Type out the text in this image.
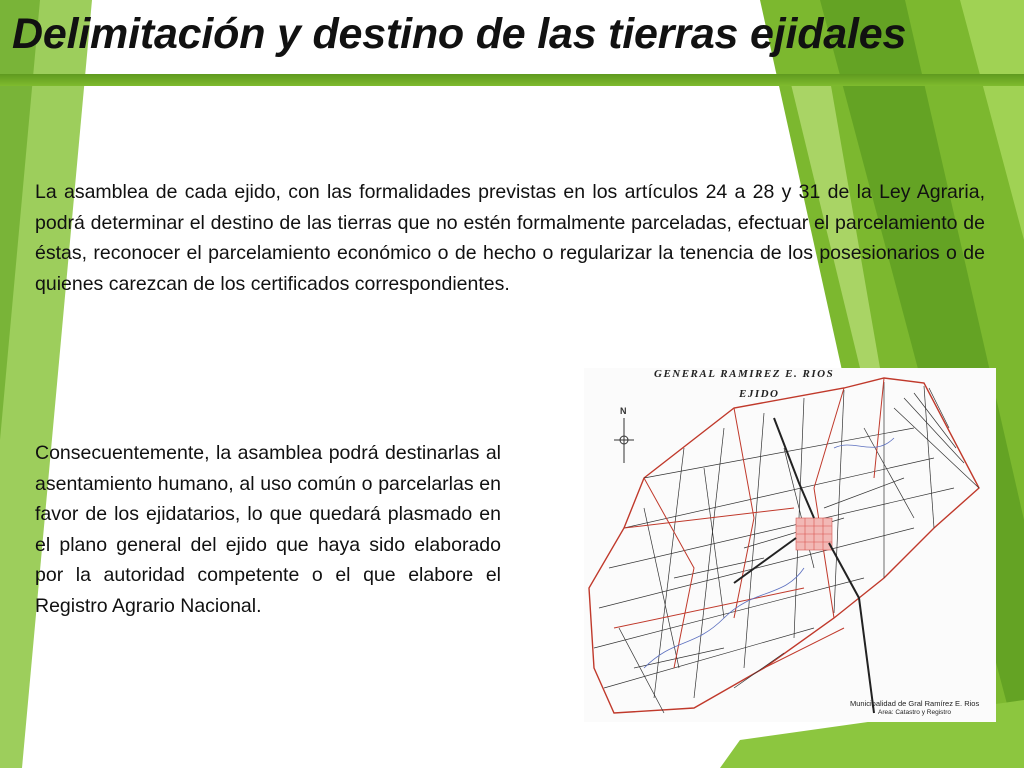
Delimitación y destino de las tierras ejidales

La asamblea de cada ejido, con las formalidades previstas en los artículos 24 a 28 y 31 de la Ley Agraria, podrá determinar el destino de las tierras que no estén formalmente parceladas, efectuar el parcelamiento de éstas, reconocer el parcelamiento económico o de hecho o regularizar la tenencia de los posesionarios o de quienes carezcan de los certificados correspondientes.

Consecuentemente, la asamblea podrá destinarlas al asentamiento humano, al uso común o parcelarlas en favor de los ejidatarios, lo que quedará plasmado en el plano general del ejido que haya sido elaborado por la autoridad competente o el que elabore el Registro Agrario Nacional.

GENERAL RAMIREZ E. RIOS
EJIDO
N
Municipalidad de Gral Ramírez E. Rios
Area: Catastro y Registro
